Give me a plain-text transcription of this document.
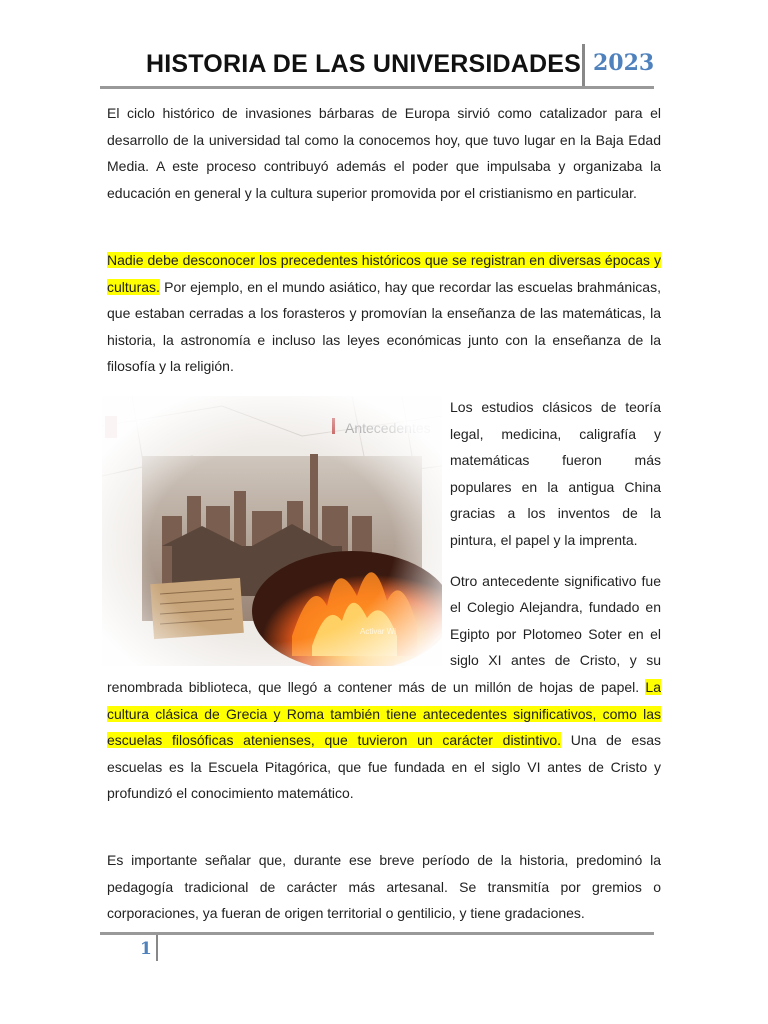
HISTORIA DE LAS UNIVERSIDADES 2023
El ciclo histórico de invasiones bárbaras de Europa sirvió como catalizador para el desarrollo de la universidad tal como la conocemos hoy, que tuvo lugar en la Baja Edad Media. A este proceso contribuyó además el poder que impulsaba y organizaba la educación en general y la cultura superior promovida por el cristianismo en particular.
Nadie debe desconocer los precedentes históricos que se registran en diversas épocas y culturas. Por ejemplo, en el mundo asiático, hay que recordar las escuelas brahmánicas, que estaban cerradas a los forasteros y promovían la enseñanza de las matemáticas, la historia, la astronomía e incluso las leyes económicas junto con la enseñanza de la filosofía y la religión.
Los estudios clásicos de teoría legal, medicina, caligrafía y matemáticas fueron más populares en la antigua China gracias a los inventos de la pintura, el papel y la imprenta.
Otro antecedente significativo fue el Colegio Alejandra, fundado en Egipto por Plotomeo Soter en el siglo XI antes de Cristo, y su renombrada biblioteca, que llegó a contener más de un millón de hojas de papel. La cultura clásica de Grecia y Roma también tiene antecedentes significativos, como las escuelas filosóficas atenienses, que tuvieron un carácter distintivo. Una de esas escuelas es la Escuela Pitagórica, que fue fundada en el siglo VI antes de Cristo y profundizó el conocimiento matemático.
Es importante señalar que, durante ese breve período de la historia, predominó la pedagogía tradicional de carácter más artesanal. Se transmitía por gremios o corporaciones, ya fueran de origen territorial o gentilicio, y tiene gradaciones.
1
